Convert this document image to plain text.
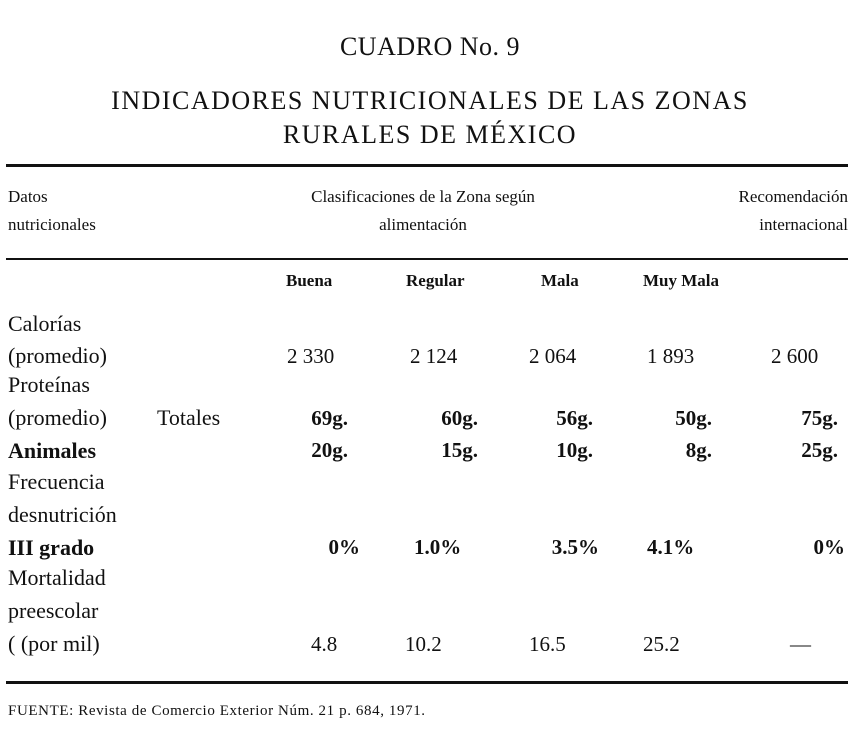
CUADRO No. 9
INDICADORES NUTRICIONALES DE LAS ZONAS
RURALES DE MÉXICO
Datos
nutricionales
Clasificaciones de la Zona según
alimentación
Recomendación
internacional
Buena	Regular	Mala	Muy Mala
Calorías
(promedio)	2 330	2 124	2 064	1 893	2 600
Proteínas
(promedio) Totales	69g.	60g.	56g.	50g.	75g.
Animales	20g.	15g.	10g.	8g.	25g.
Frecuencia
desnutrición
III grado	0%	1.0%	3.5% 4.1%	0%
Mortalidad
preescolar
( (por mil)	4.8	10.2	16.5	25.2	—
FUENTE: Revista de Comercio Exterior Núm. 21 p. 684, 1971.
